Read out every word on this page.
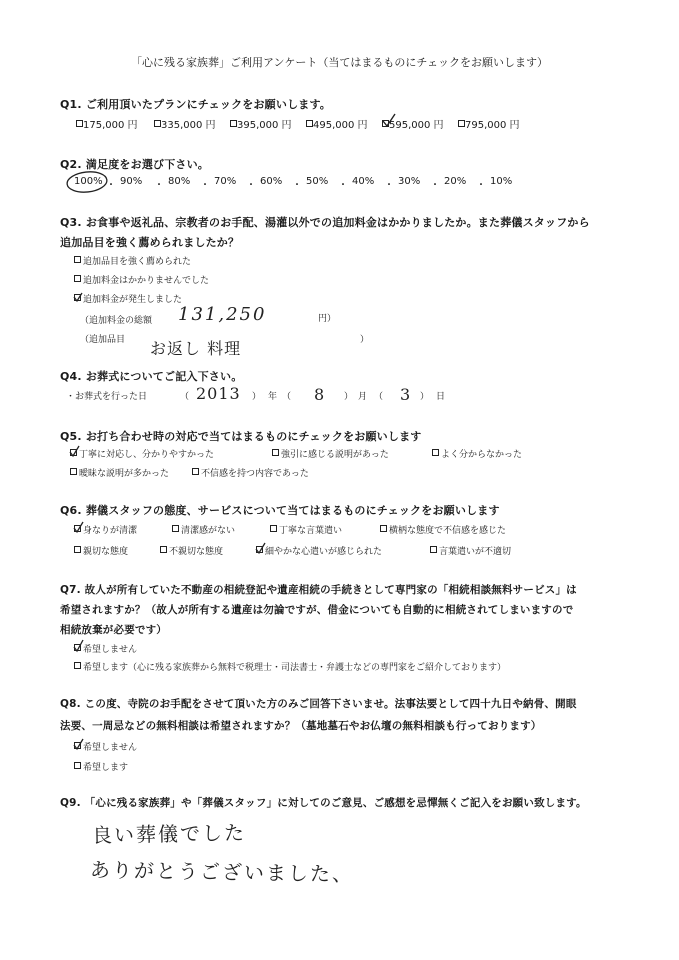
「心に残る家族葬」ご利用アンケート（当てはまるものにチェックをお願いします）
Q1. ご利用頂いたプランにチェックをお願いします。
175,000 円	335,000 円	395,000 円	495,000 円	595,000 円	795,000 円
Q2. 満足度をお選び下さい。
100% ・ 90% ・ 80% ・ 70% ・ 60% ・ 50% ・ 40% ・ 30% ・ 20% ・ 10%
Q3. お食事や返礼品、宗教者のお手配、湯灌以外での追加料金はかかりましたか。また葬儀スタッフから
追加品目を強く薦められましたか？
追加品目を強く薦められた
追加料金はかかりませんでした
追加料金が発生しました
（追加料金の総額 131,250	円）
（追加品目 お返し 料理	）
Q4. お葬式についてご記入下さい。
・お葬式を行った日	（ 2013 ） 年 （ 8 ） 月 （ 3 ） 日
Q5. お打ち合わせ時の対応で当てはまるものにチェックをお願いします
丁寧に対応し、分かりやすかった	強引に感じる説明があった	よく分からなかった
曖昧な説明が多かった	不信感を持つ内容であった
Q6. 葬儀スタッフの態度、サービスについて当てはまるものにチェックをお願いします
身なりが清潔	清潔感がない	丁寧な言葉遣い	横柄な態度で不信感を感じた
親切な態度	不親切な態度	細やかな心遣いが感じられた	言葉遣いが不適切
Q7. 故人が所有していた不動産の相続登記や遺産相続の手続きとして専門家の「相続相談無料サービス」は
希望されますか？（故人が所有する遺産は勿論ですが、借金についても自動的に相続されてしまいますので
相続放棄が必要です）
希望しません
希望します（心に残る家族葬から無料で税理士・司法書士・弁護士などの専門家をご紹介しております）
Q8. この度、寺院のお手配をさせて頂いた方のみご回答下さいませ。法事法要として四十九日や納骨、開眼
法要、一周忌などの無料相談は希望されますか？（墓地墓石やお仏壇の無料相談も行っております）
希望しません
希望します
Q9. 「心に残る家族葬」や「葬儀スタッフ」に対してのご意見、ご感想を忌憚無くご記入をお願い致します。
良い葬儀でした
ありがとうございました、
